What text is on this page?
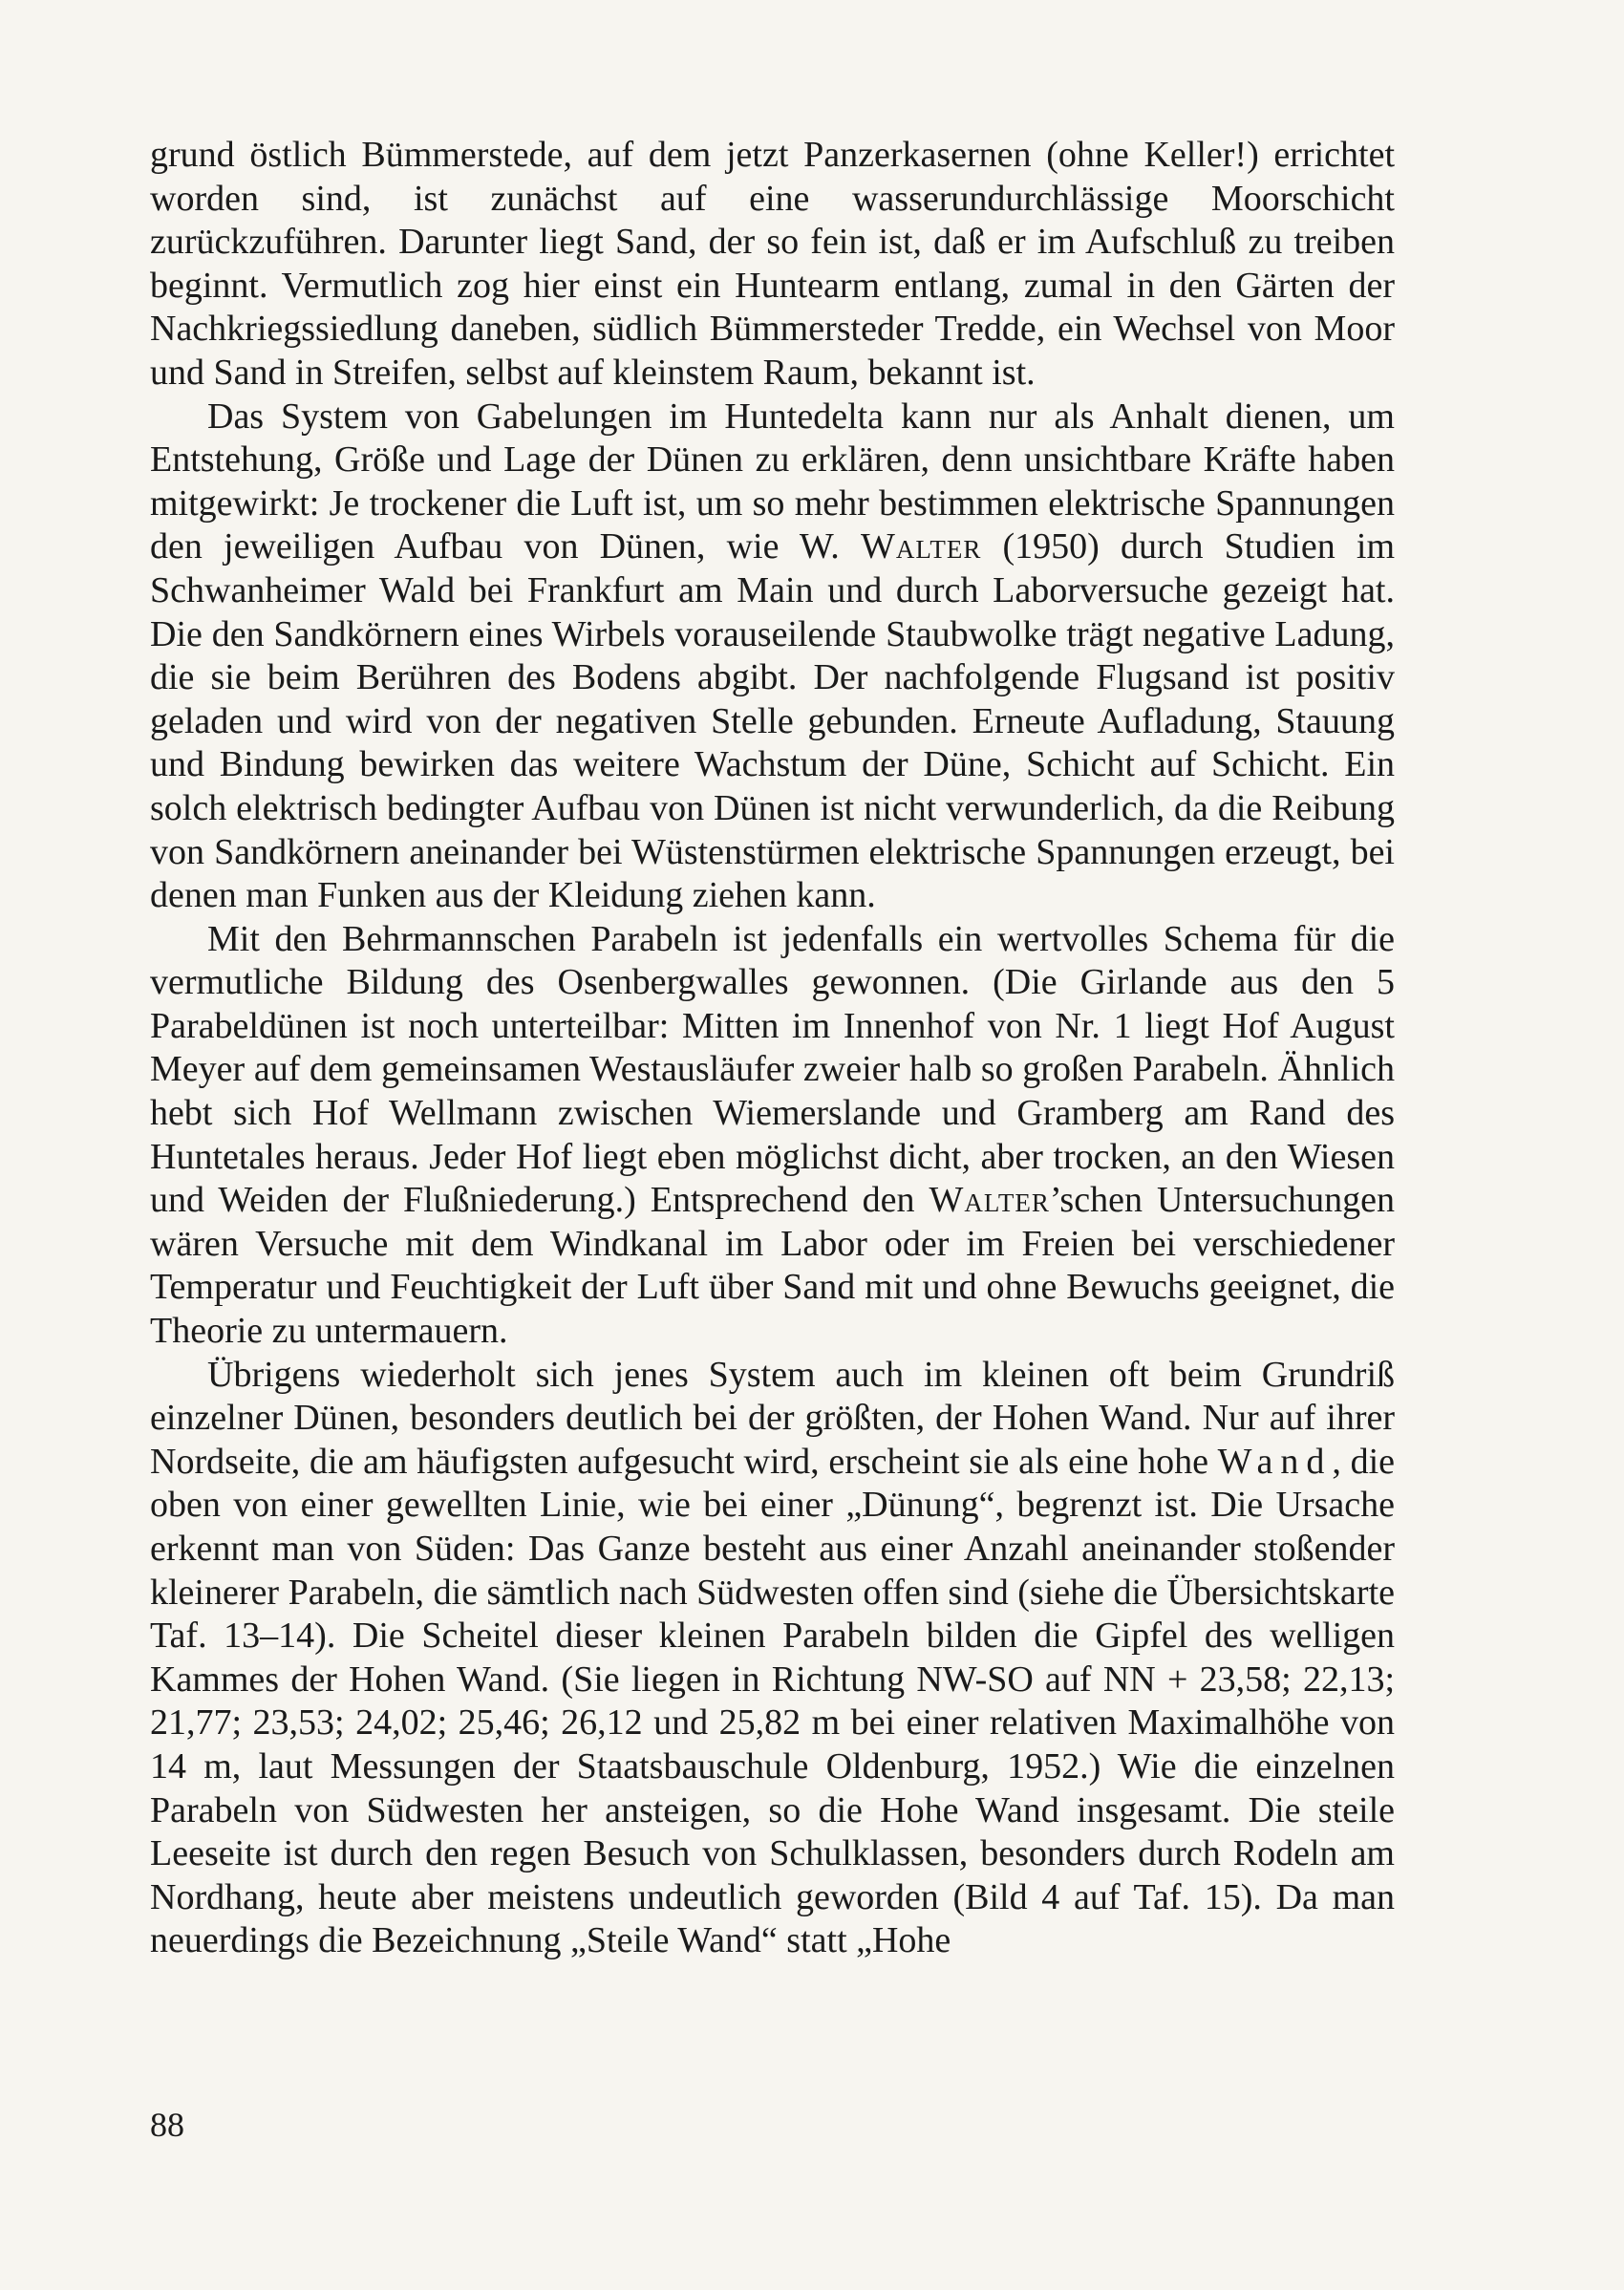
grund östlich Bümmerstede, auf dem jetzt Panzerkasernen (ohne Keller!) errichtet worden sind, ist zunächst auf eine wasserundurchlässige Moorschicht zurückzuführen. Darunter liegt Sand, der so fein ist, daß er im Aufschluß zu treiben beginnt. Vermutlich zog hier einst ein Huntearm entlang, zumal in den Gärten der Nachkriegssiedlung daneben, südlich Bümmersteder Tredde, ein Wechsel von Moor und Sand in Streifen, selbst auf kleinstem Raum, bekannt ist.

Das System von Gabelungen im Huntedelta kann nur als Anhalt dienen, um Entstehung, Größe und Lage der Dünen zu erklären, denn unsichtbare Kräfte haben mitgewirkt: Je trockener die Luft ist, um so mehr bestimmen elektrische Spannungen den jeweiligen Aufbau von Dünen, wie W. Walter (1950) durch Studien im Schwanheimer Wald bei Frankfurt am Main und durch Laborversuche gezeigt hat. Die den Sandkörnern eines Wirbels vorauseilende Staubwolke trägt negative Ladung, die sie beim Berühren des Bodens abgibt. Der nachfolgende Flugsand ist positiv geladen und wird von der negativen Stelle gebunden. Erneute Aufladung, Stauung und Bindung bewirken das weitere Wachstum der Düne, Schicht auf Schicht. Ein solch elektrisch bedingter Aufbau von Dünen ist nicht verwunderlich, da die Reibung von Sandkörnern aneinander bei Wüstenstürmen elektrische Spannungen erzeugt, bei denen man Funken aus der Kleidung ziehen kann.

Mit den Behrmannschen Parabeln ist jedenfalls ein wertvolles Schema für die vermutliche Bildung des Osenbergwalles gewonnen. (Die Girlande aus den 5 Parabeldünen ist noch unterteilbar: Mitten im Innenhof von Nr. 1 liegt Hof August Meyer auf dem gemeinsamen Westausläufer zweier halb so großen Parabeln. Ähnlich hebt sich Hof Wellmann zwischen Wiemerslande und Gramberg am Rand des Huntetales heraus. Jeder Hof liegt eben möglichst dicht, aber trocken, an den Wiesen und Weiden der Flußniederung.) Entsprechend den Walter’schen Untersuchungen wären Versuche mit dem Windkanal im Labor oder im Freien bei verschiedener Temperatur und Feuchtigkeit der Luft über Sand mit und ohne Bewuchs geeignet, die Theorie zu untermauern.

Übrigens wiederholt sich jenes System auch im kleinen oft beim Grundriß einzelner Dünen, besonders deutlich bei der größten, der Hohen Wand. Nur auf ihrer Nordseite, die am häufigsten aufgesucht wird, erscheint sie als eine hohe Wand, die oben von einer gewellten Linie, wie bei einer „Dünung“, begrenzt ist. Die Ursache erkennt man von Süden: Das Ganze besteht aus einer Anzahl aneinander stoßender kleinerer Parabeln, die sämtlich nach Südwesten offen sind (siehe die Übersichtskarte Taf. 13–14). Die Scheitel dieser kleinen Parabeln bilden die Gipfel des welligen Kammes der Hohen Wand. (Sie liegen in Richtung NW-SO auf NN + 23,58; 22,13; 21,77; 23,53; 24,02; 25,46; 26,12 und 25,82 m bei einer relativen Maximalhöhe von 14 m, laut Messungen der Staatsbauschule Oldenburg, 1952.) Wie die einzelnen Parabeln von Südwesten her ansteigen, so die Hohe Wand insgesamt. Die steile Leeseite ist durch den regen Besuch von Schulklassen, besonders durch Rodeln am Nordhang, heute aber meistens undeutlich geworden (Bild 4 auf Taf. 15). Da man neuerdings die Bezeichnung „Steile Wand“ statt „Hohe

88
